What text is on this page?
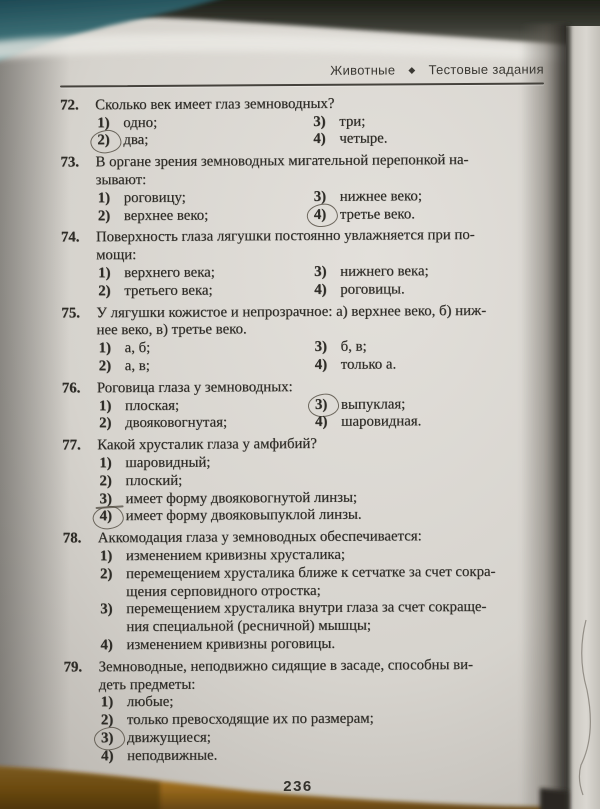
Животные ◆ Тестовые задания
72.	Сколько век имеет глаз земноводных?
1) одно;	3) три;
2) два;	4) четыре.
73.	В органе зрения земноводных мигательной перепонкой на-
зывают:
1) роговицу;	3) нижнее веко;
2) верхнее веко;	4) третье веко.
74.	Поверхность глаза лягушки постоянно увлажняется при по-
мощи:
1) верхнего века;	3) нижнего века;
2) третьего века;	4) роговицы.
75.	У лягушки кожистое и непрозрачное: а) верхнее веко, б) ниж-
нее веко, в) третье веко.
1) а, б;	3) б, в;
2) а, в;	4) только а.
76.	Роговица глаза у земноводных:
1) плоская;	3) выпуклая;
2) двояковогнутая;	4) шаровидная.
77.	Какой хрусталик глаза у амфибий?
1) шаровидный;
2) плоский;
3) имеет форму двояковогнутой линзы;
4) имеет форму двояковыпуклой линзы.
78.	Аккомодация глаза у земноводных обеспечивается:
1) изменением кривизны хрусталика;
2) перемещением хрусталика ближе к сетчатке за счет сокра-
щения серповидного отростка;
3) перемещением хрусталика внутри глаза за счет сокраще-
ния специальной (ресничной) мышцы;
4) изменением кривизны роговицы.
79.	Земноводные, неподвижно сидящие в засаде, способны ви-
деть предметы:
1) любые;
2) только превосходящие их по размерам;
3) движущиеся;
4) неподвижные.
236
